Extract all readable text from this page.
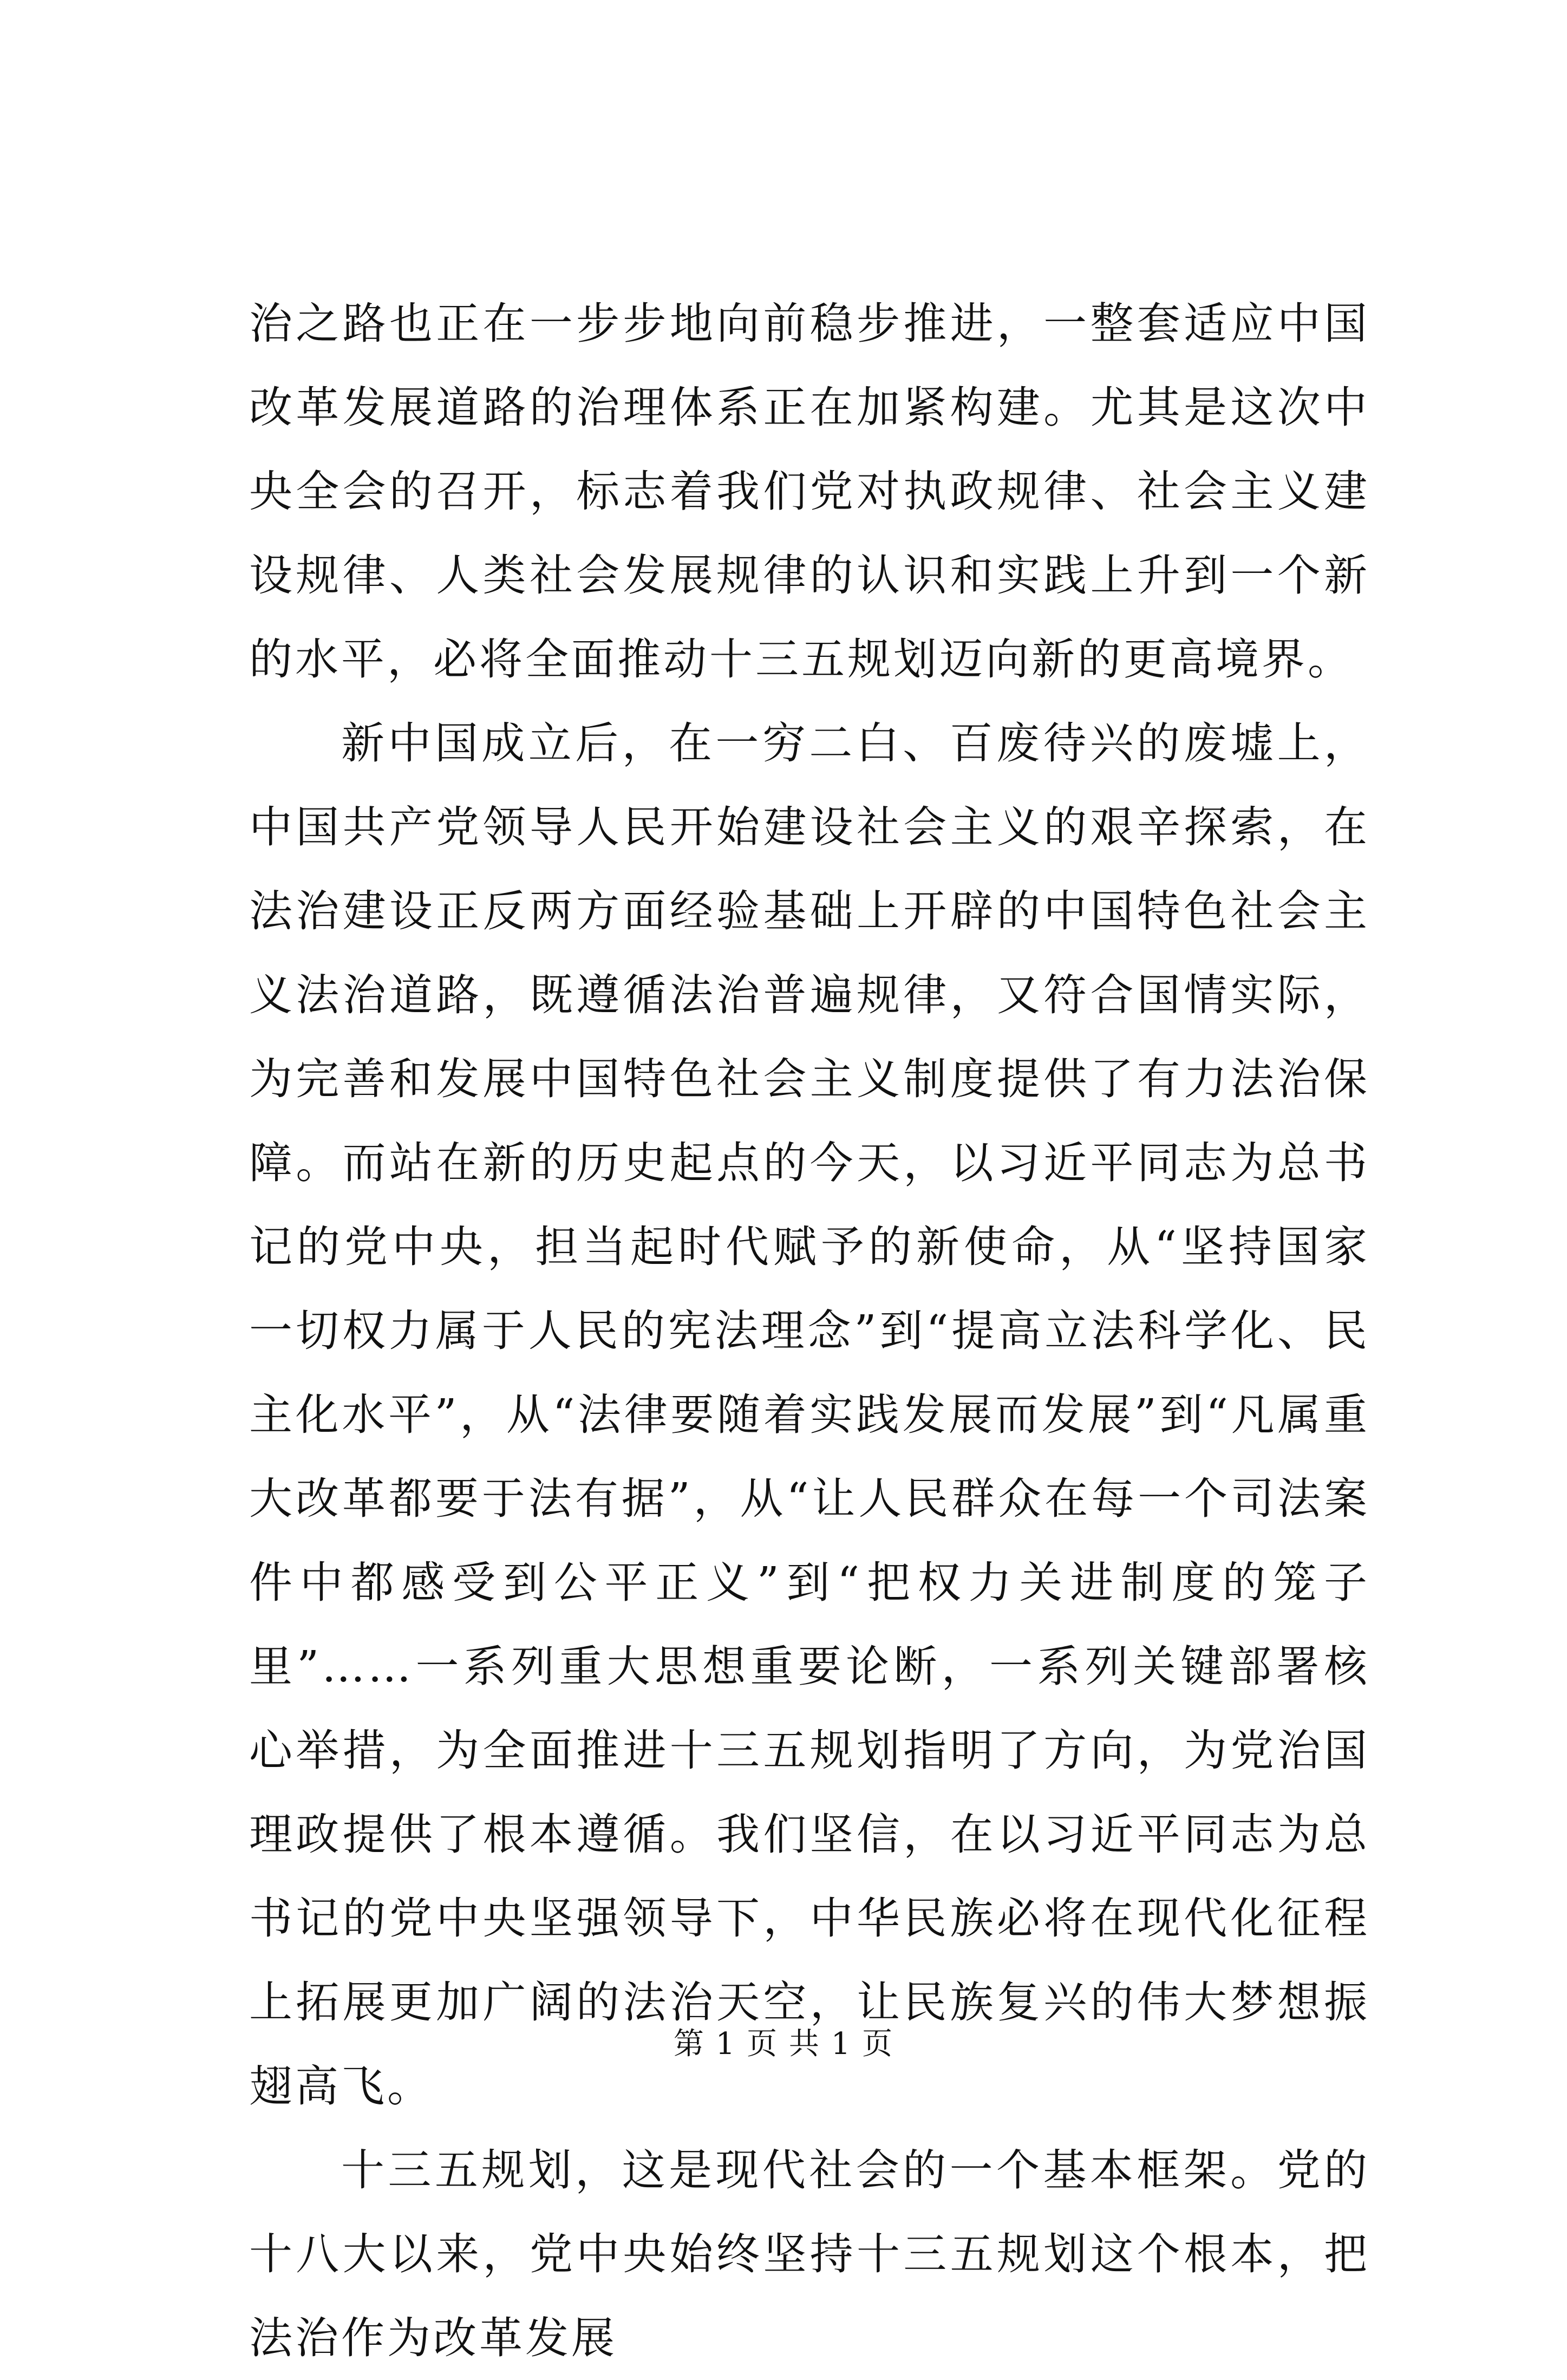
治之路也正在一步步地向前稳步推进，一整套适应中国改革发展道路的治理体系正在加紧构建。尤其是这次中央全会的召开，标志着我们党对执政规律、社会主义建设规律、人类社会发展规律的认识和实践上升到一个新的水平，必将全面推动十三五规划迈向新的更高境界。

新中国成立后，在一穷二白、百废待兴的废墟上，中国共产党领导人民开始建设社会主义的艰辛探索，在法治建设正反两方面经验基础上开辟的中国特色社会主义法治道路，既遵循法治普遍规律，又符合国情实际，为完善和发展中国特色社会主义制度提供了有力法治保障。而站在新的历史起点的今天，以习近平同志为总书记的党中央，担当起时代赋予的新使命，从“坚持国家一切权力属于人民的宪法理念”到“提高立法科学化、民主化水平”，从“法律要随着实践发展而发展”到“凡属重大改革都要于法有据”，从“让人民群众在每一个司法案件中都感受到公平正义”到“把权力关进制度的笼子里”……一系列重大思想重要论断，一系列关键部署核心举措，为全面推进十三五规划指明了方向，为党治国理政提供了根本遵循。我们坚信，在以习近平同志为总书记的党中央坚强领导下，中华民族必将在现代化征程上拓展更加广阔的法治天空，让民族复兴的伟大梦想振翅高飞。

十三五规划，这是现代社会的一个基本框架。党的十八大以来，党中央始终坚持十三五规划这个根本，把法治作为改革发展

第 1 页 共 1 页
